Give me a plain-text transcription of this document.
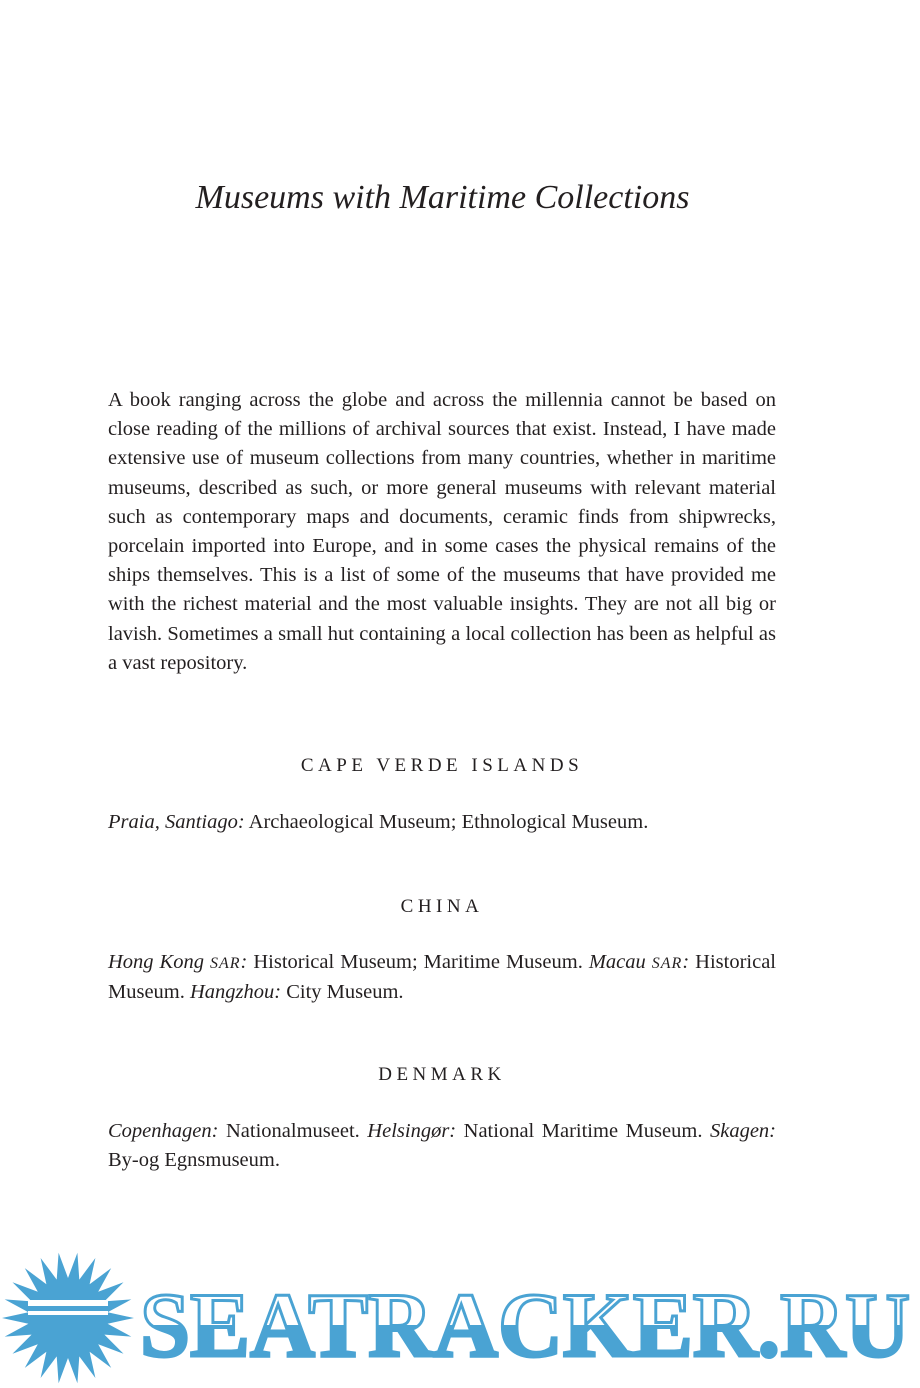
Museums with Maritime Collections

A book ranging across the globe and across the millennia cannot be based on close reading of the millions of archival sources that exist. Instead, I have made extensive use of museum collections from many countries, whether in maritime museums, described as such, or more general museums with relevant material such as contemporary maps and documents, ceramic finds from shipwrecks, porcelain imported into Europe, and in some cases the physical remains of the ships themselves. This is a list of some of the museums that have provided me with the richest material and the most valuable insights. They are not all big or lavish. Sometimes a small hut containing a local collection has been as helpful as a vast repository.

CAPE VERDE ISLANDS

Praia, Santiago: Archaeological Museum; Ethnological Museum.

CHINA

Hong Kong SAR: Historical Museum; Maritime Museum. Macau SAR: Historical Museum. Hangzhou: City Museum.

DENMARK

Copenhagen: Nationalmuseet. Helsingør: National Maritime Museum. Skagen: By-og Egnsmuseum.

SEATRACKER.RU
